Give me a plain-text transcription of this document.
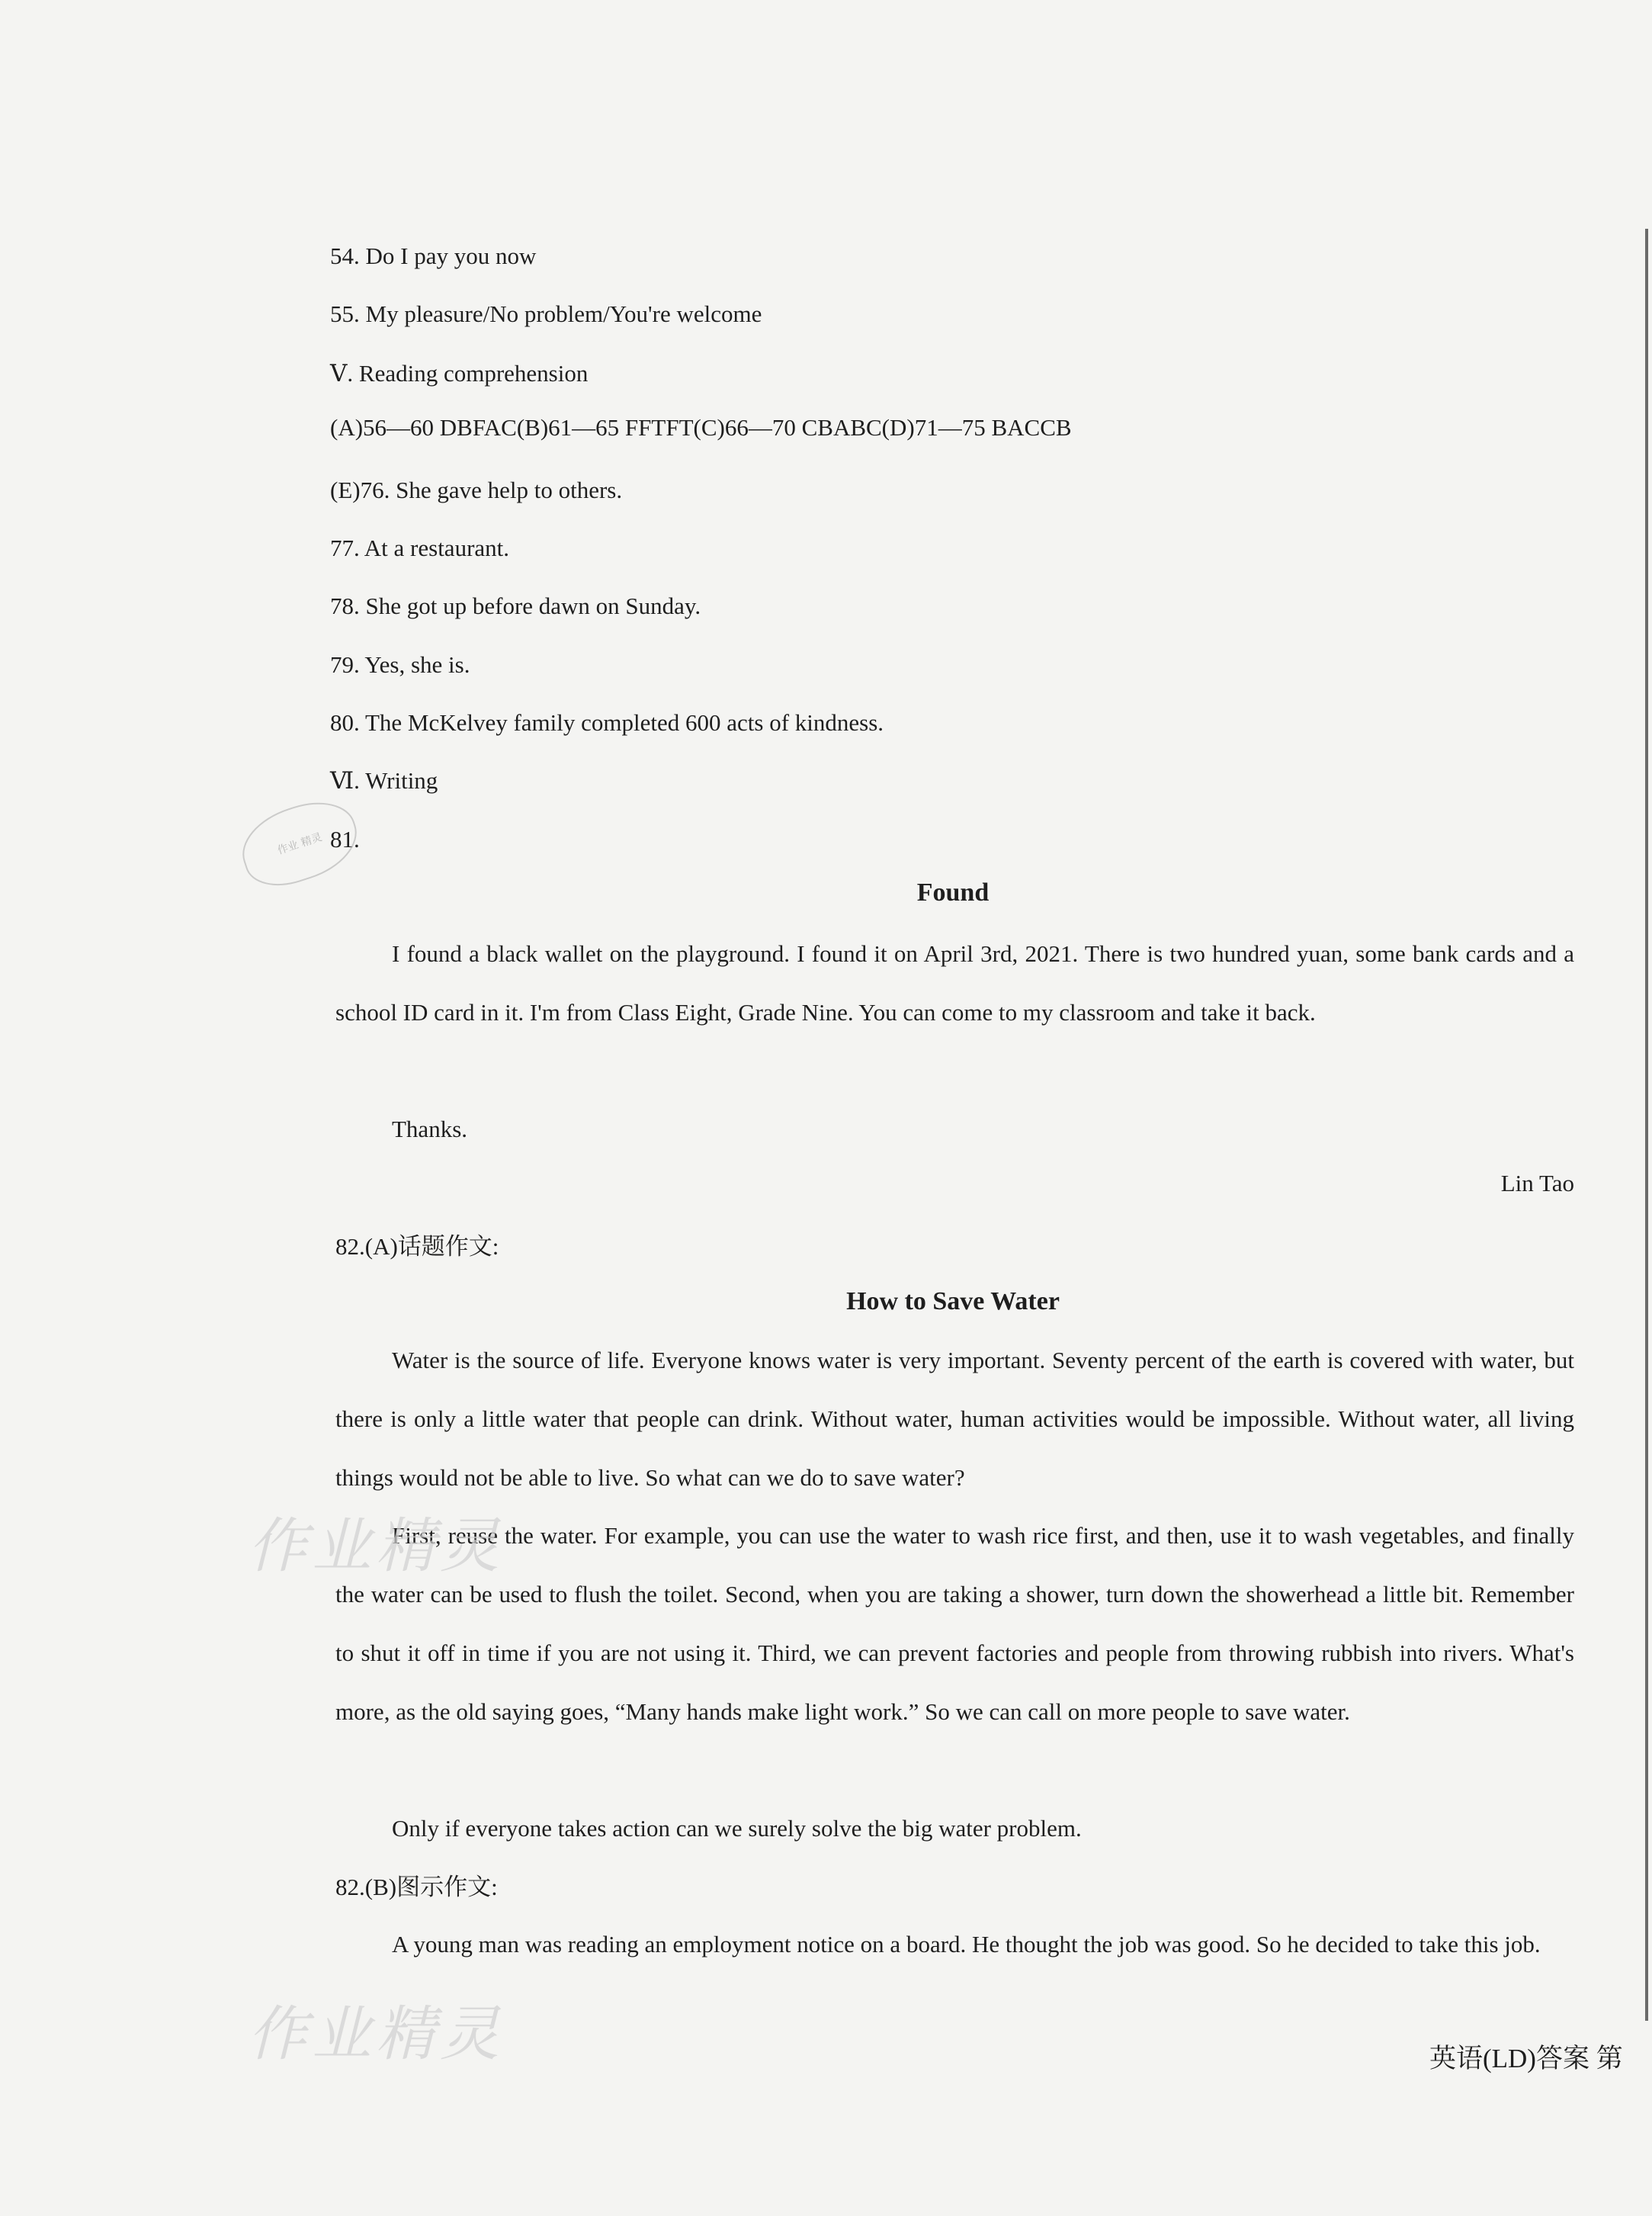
54. Do I pay you now
55. My pleasure/No problem/You're welcome
Ⅴ. Reading comprehension
(A)56—60 DBFAC(B)61—65 FFTFT(C)66—70 CBABC(D)71—75 BACCB
(E)76. She gave help to others.
77. At a restaurant.
78. She got up before dawn on Sunday.
79. Yes, she is.
80. The McKelvey family completed 600 acts of kindness.
Ⅵ. Writing
81.
作业 精灵
Found

I found a black wallet on the playground. I found it on April 3rd, 2021. There is two hundred yuan, some bank cards and a school ID card in it. I'm from Class Eight, Grade Nine. You can come to my classroom and take it back.

Thanks.

Lin Tao
82.(A)话题作文:
How to Save Water

Water is the source of life. Everyone knows water is very important. Seventy percent of the earth is covered with water, but there is only a little water that people can drink. Without water, human activities would be impossible. Without water, all living things would not be able to live. So what can we do to save water?

First, reuse the water. For example, you can use the water to wash rice first, and then, use it to wash vegetables, and finally the water can be used to flush the toilet. Second, when you are taking a shower, turn down the showerhead a little bit. Remember to shut it off in time if you are not using it. Third, we can prevent factories and people from throwing rubbish into rivers. What's more, as the old saying goes, “Many hands make light work.” So we can call on more people to save water.

Only if everyone takes action can we surely solve the big water problem.

82.(B)图示作文:

A young man was reading an employment notice on a board. He thought the job was good. So he decided to take this job.

作业精灵
作业精灵	英语(LD)答案 第
